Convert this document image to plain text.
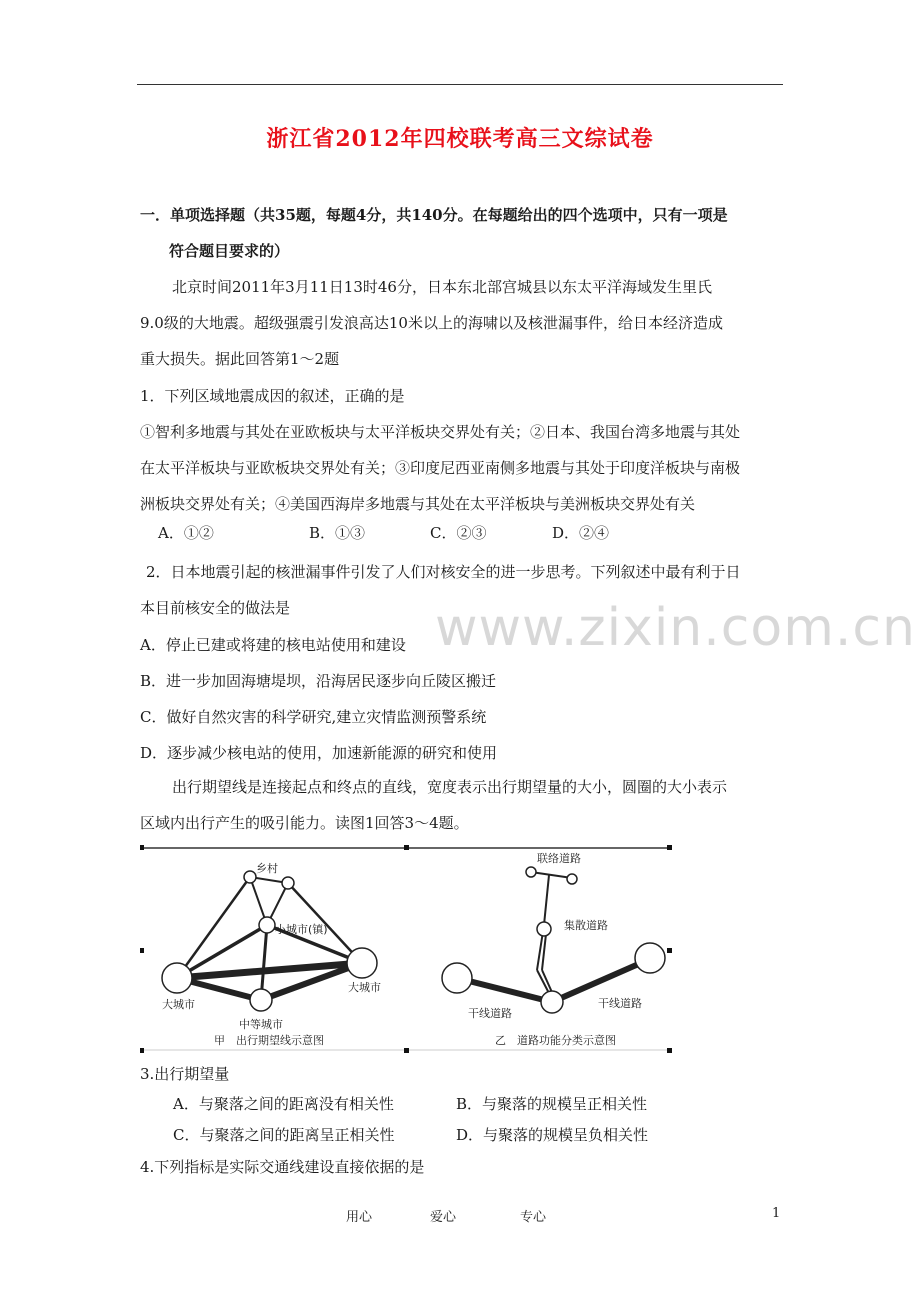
浙江省2012年四校联考高三文综试卷
一．单项选择题（共35题，每题4分，共140分。在每题给出的四个选项中，只有一项是
符合题目要求的）
北京时间2011年3月11日13时46分，日本东北部宫城县以东太平洋海域发生里氏
9.0级的大地震。超级强震引发浪高达10米以上的海啸以及核泄漏事件，给日本经济造成
重大损失。据此回答第1～2题
1．下列区域地震成因的叙述，正确的是
①智利多地震与其处在亚欧板块与太平洋板块交界处有关；②日本、我国台湾多地震与其处
在太平洋板块与亚欧板块交界处有关；③印度尼西亚南侧多地震与其处于印度洋板块与南极
洲板块交界处有关；④美国西海岸多地震与其处在太平洋板块与美洲板块交界处有关
A．①②	B．①③	C．②③	D．②④
2．日本地震引起的核泄漏事件引发了人们对核安全的进一步思考。下列叙述中最有利于日
本目前核安全的做法是	www.zixin.com.cn
A．停止已建或将建的核电站使用和建设
B．进一步加固海塘堤坝，沿海居民逐步向丘陵区搬迁
C．做好自然灾害的科学研究,建立灾情监测预警系统
D．逐步减少核电站的使用，加速新能源的研究和使用
出行期望线是连接起点和终点的直线，宽度表示出行期望量的大小，圆圈的大小表示
区域内出行产生的吸引能力。读图1回答3～4题。
乡村
小城市(镇)
大城市
大城市
中等城市
甲　出行期望线示意图
联络道路
集散道路
干线道路
干线道路
乙　道路功能分类示意图
3.出行期望量
A．与聚落之间的距离没有相关性	B．与聚落的规模呈正相关性
C．与聚落之间的距离呈正相关性	D．与聚落的规模呈负相关性
4.下列指标是实际交通线建设直接依据的是
用心	爱心	专心	1
